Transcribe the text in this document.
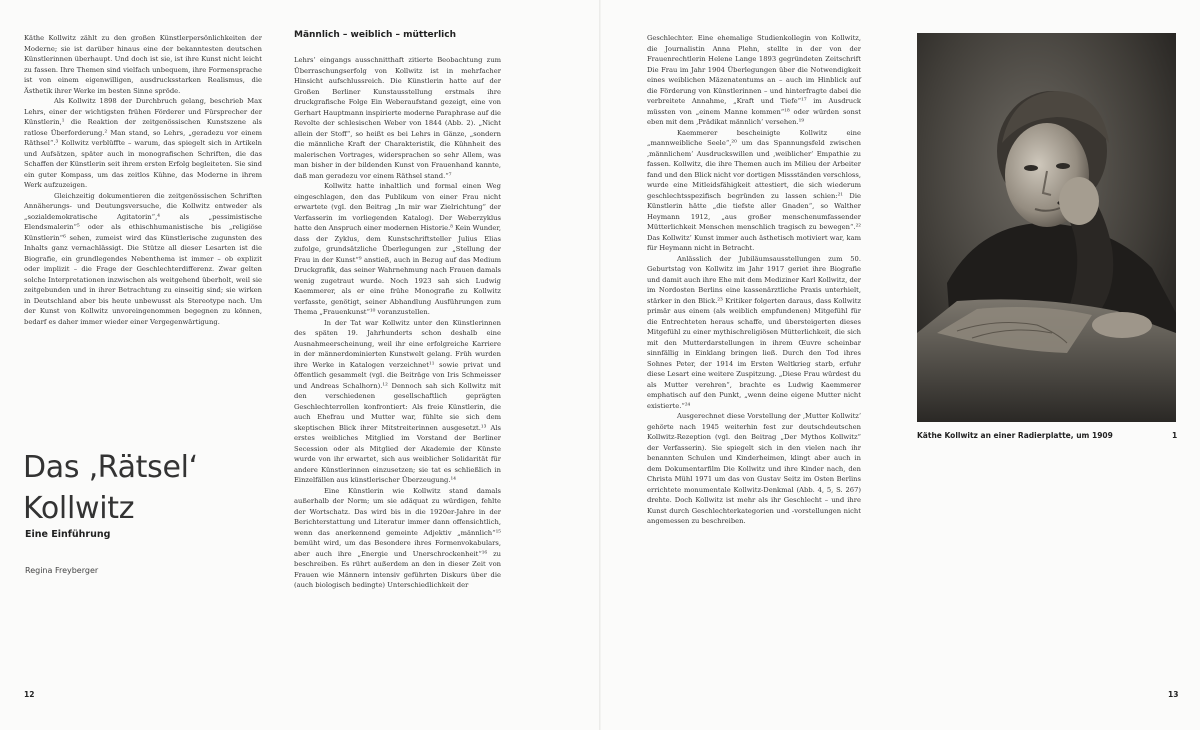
Käthe Kollwitz zählt zu den großen Künstlerpersönlichkeiten der Moderne; sie ist darüber hinaus eine der bekanntesten deutschen Künstlerinnen überhaupt. Und doch ist sie, ist ihre Kunst nicht leicht zu fassen. Ihre Themen sind vielfach unbequem, ihre Formensprache ist von einem eigenwilligen, ausdrucksstarken Realismus, die Ästhetik ihrer Werke im besten Sinne spröde.

Als Kollwitz 1898 der Durchbruch gelang, beschrieb Max Lehrs, einer der wichtigsten frühen Förderer und Fürsprecher der Künstlerin,¹ die Reaktion der zeitgenössischen Kunstszene als ratlose Überforderung.² Man stand, so Lehrs, „geradezu vor einem Räthsel“.³ Kollwitz verblüffte – warum, das spiegelt sich in Artikeln und Aufsätzen, später auch in monografischen Schriften, die das Schaffen der Künstlerin seit ihrem ersten Erfolg begleiteten. Sie sind ein guter Kompass, um das zeitlos Kühne, das Moderne in ihrem Werk aufzuzeigen.

Gleichzeitig dokumentieren die zeitgenössischen Schriften Annäherungs- und Deutungsversuche, die Kollwitz entweder als „sozialdemokratische Agitatorin“,⁴ als „pessimistische Elendsmalerin“⁵ oder als ethischhumanistische bis „religiöse Künstlerin“⁶ sehen, zumeist wird das Künstlerische zugunsten des Inhalts ganz vernachlässigt. Die Stütze all dieser Lesarten ist die Biografie, ein grundlegendes Nebenthema ist immer – ob explizit oder implizit – die Frage der Geschlechterdifferenz. Zwar gelten solche Interpretationen inzwischen als weitgehend überholt, weil sie zeitgebunden und in ihrer Betrachtung zu einseitig sind; sie wirken in Deutschland aber bis heute unbewusst als Stereotype nach. Um der Kunst von Kollwitz unvoreingenommen begegnen zu können, bedarf es daher immer wieder einer Vergegenwärtigung.

Das ‚Rätsel‘
Kollwitz
Eine Einführung
Regina Freyberger
Männlich – weiblich – mütterlich

Lehrs’ eingangs ausschnitthaft zitierte Beobachtung zum Überraschungserfolg von Kollwitz ist in mehrfacher Hinsicht aufschlussreich. Die Künstlerin hatte auf der Großen Berliner Kunstausstellung erstmals ihre druckgrafische Folge Ein Weberaufstand gezeigt, eine von Gerhart Hauptmann inspirierte moderne Paraphrase auf die Revolte der schlesischen Weber von 1844 (Abb. 2). „Nicht allein der Stoff“, so heißt es bei Lehrs in Gänze, „sondern die männliche Kraft der Charakteristik, die Kühnheit des malerischen Vortrages, widersprachen so sehr Allem, was man bisher in der bildenden Kunst von Frauenhand kannte, daß man geradezu vor einem Räthsel stand.“⁷

Kollwitz hatte inhaltlich und formal einen Weg eingeschlagen, den das Publikum von einer Frau nicht erwartete (vgl. den Beitrag „In mir war Zielrichtung“ der Verfasserin im vorliegenden Katalog). Der Weberzyklus hatte den Anspruch einer modernen Historie.⁸ Kein Wunder, dass der Zyklus, dem Kunstschriftsteller Julius Elias zufolge, grundsätzliche Überlegungen zur „Stellung der Frau in der Kunst“⁹ anstieß, auch in Bezug auf das Medium Druckgrafik, das seiner Wahrnehmung nach Frauen damals wenig zugetraut wurde. Noch 1923 sah sich Ludwig Kaemmerer, als er eine frühe Monografie zu Kollwitz verfasste, genötigt, seiner Abhandlung Ausführungen zum Thema „Frauenkunst“¹⁰ voranzustellen.

In der Tat war Kollwitz unter den Künstlerinnen des späten 19. Jahrhunderts schon deshalb eine Ausnahmeerscheinung, weil ihr eine erfolgreiche Karriere in der männerdominierten Kunstwelt gelang. Früh wurden ihre Werke in Katalogen verzeichnet¹¹ sowie privat und öffentlich gesammelt (vgl. die Beiträge von Iris Schmeisser und Andreas Schalhorn).¹² Dennoch sah sich Kollwitz mit den verschiedenen gesellschaftlich geprägten Geschlechterrollen konfrontiert: Als freie Künstlerin, die auch Ehefrau und Mutter war, fühlte sie sich dem skeptischen Blick ihrer Mitstreiterinnen ausgesetzt.¹³ Als erstes weibliches Mitglied im Vorstand der Berliner Secession oder als Mitglied der Akademie der Künste wurde von ihr erwartet, sich aus weiblicher Solidarität für andere Künstlerinnen einzusetzen; sie tat es schließlich in Einzelfällen aus künstlerischer Überzeugung.¹⁴

Eine Künstlerin wie Kollwitz stand damals außerhalb der Norm; um sie adäquat zu würdigen, fehlte der Wortschatz. Das wird bis in die 1920er-Jahre in der Berichterstattung und Literatur immer dann offensichtlich, wenn das anerkennend gemeinte Adjektiv „männlich“¹⁵ bemüht wird, um das Besondere ihres Formenvokabulars, aber auch ihre „Energie und Unerschrockenheit“¹⁶ zu beschreiben. Es rührt außerdem an den in dieser Zeit von Frauen wie Männern intensiv geführten Diskurs über die (auch biologisch bedingte) Unterschiedlichkeit der

12

Geschlechter. Eine ehemalige Studienkollegin von Kollwitz, die Journalistin Anna Plehn, stellte in der von der Frauenrechtlerin Helene Lange 1893 gegründeten Zeitschrift Die Frau im Jahr 1904 Überlegungen über die Notwendigkeit eines weiblichen Mäzenatentums an – auch im Hinblick auf die Förderung von Künstlerinnen – und hinterfragte dabei die verbreitete Annahme, „Kraft und Tiefe“¹⁷ im Ausdruck müssten von „einem Manne kommen“¹⁸ oder würden sonst eben mit dem ‚Prädikat männlich‘ versehen.¹⁹

Kaemmerer bescheinigte Kollwitz eine „mannweibliche Seele“,²⁰ um das Spannungsfeld zwischen ‚männlichem‘ Ausdruckswillen und ‚weiblicher‘ Empathie zu fassen. Kollwitz, die ihre Themen auch im Milieu der Arbeiter fand und den Blick nicht vor dortigen Missständen verschloss, wurde eine Mitleidsfähigkeit attestiert, die sich wiederum geschlechtsspezifisch begründen zu lassen schien:²¹ Die Künstlerin hätte „die tiefste aller Gnaden“, so Walther Heymann 1912, „aus großer menschenumfassender Mütterlichkeit Menschen menschlich tragisch zu bewegen“.²² Das Kollwitz’ Kunst immer auch ästhetisch motiviert war, kam für Heymann nicht in Betracht.

Anlässlich der Jubiläumsausstellungen zum 50. Geburtstag von Kollwitz im Jahr 1917 geriet ihre Biografie und damit auch ihre Ehe mit dem Mediziner Karl Kollwitz, der im Nordosten Berlins eine kassenärztliche Praxis unterhielt, stärker in den Blick.²³ Kritiker folgerten daraus, dass Kollwitz primär aus einem (als weiblich empfundenen) Mitgefühl für die Entrechteten heraus schaffe, und übersteigerten dieses Mitgefühl zu einer mythischreligiösen Mütterlichkeit, die sich mit den Mutterdarstellungen in ihrem Œuvre scheinbar sinnfällig in Einklang bringen ließ. Durch den Tod ihres Sohnes Peter, der 1914 im Ersten Weltkrieg starb, erfuhr diese Lesart eine weitere Zuspitzung. „Diese Frau würdest du als Mutter verehren“, brachte es Ludwig Kaemmerer emphatisch auf den Punkt, „wenn deine eigene Mutter nicht existierte.“²⁴

Ausgerechnet diese Vorstellung der ‚Mutter Kollwitz‘ gehörte nach 1945 weiterhin fest zur deutschdeutschen Kollwitz-Rezeption (vgl. den Beitrag „Der Mythos Kollwitz“ der Verfasserin). Sie spiegelt sich in den vielen nach ihr benannten Schulen und Kinderheimen, klingt aber auch in dem Dokumentarfilm Die Kollwitz und ihre Kinder nach, den Christa Mühl 1971 um das von Gustav Seitz im Osten Berlins errichtete monumentale Kollwitz-Denkmal (Abb. 4, 5, S. 267) drehte. Doch Kollwitz ist mehr als ihr Geschlecht – und ihre Kunst durch Geschlechterkategorien und -vorstellungen nicht angemessen zu beschreiben.

Käthe Kollwitz an einer Radierplatte, um 1909	1
13
